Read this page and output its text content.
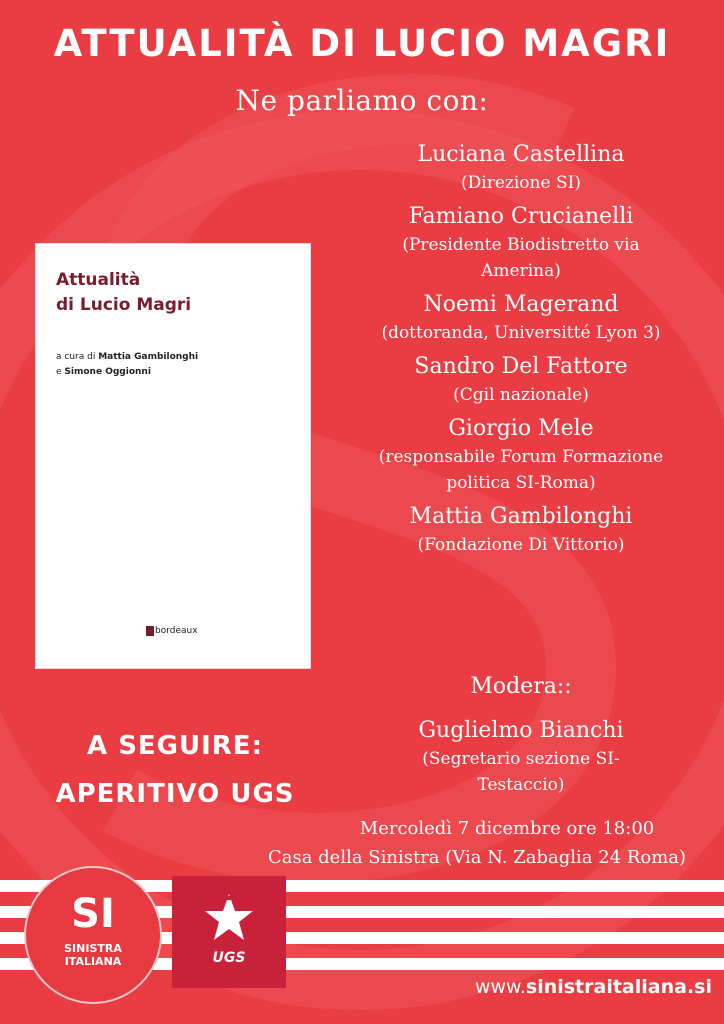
ATTUALITÀ DI LUCIO MAGRI
Ne parliamo con:
Luciana Castellina
(Direzione SI)
Famiano Crucianelli
(Presidente Biodistretto via Amerina)
Noemi Magerand
(dottoranda, Universitté Lyon 3)
Sandro Del Fattore
(Cgil nazionale)
Giorgio Mele
(responsabile Forum Formazione politica SI-Roma)
Mattia Gambilonghi
(Fondazione Di Vittorio)
Modera::
Guglielmo Bianchi
(Segretario sezione SI-Testaccio)
Mercoledì 7 dicembre ore 18:00
Casa della Sinistra (Via N. Zabaglia 24 Roma)
Attualità
di Lucio Magri
a cura di Mattia Gambilonghi
e Simone Oggionni
bordeaux
A SEGUIRE:
APERITIVO UGS
SI
SINISTRA
ITALIANA	UGS
www.sinistraitaliana.si
